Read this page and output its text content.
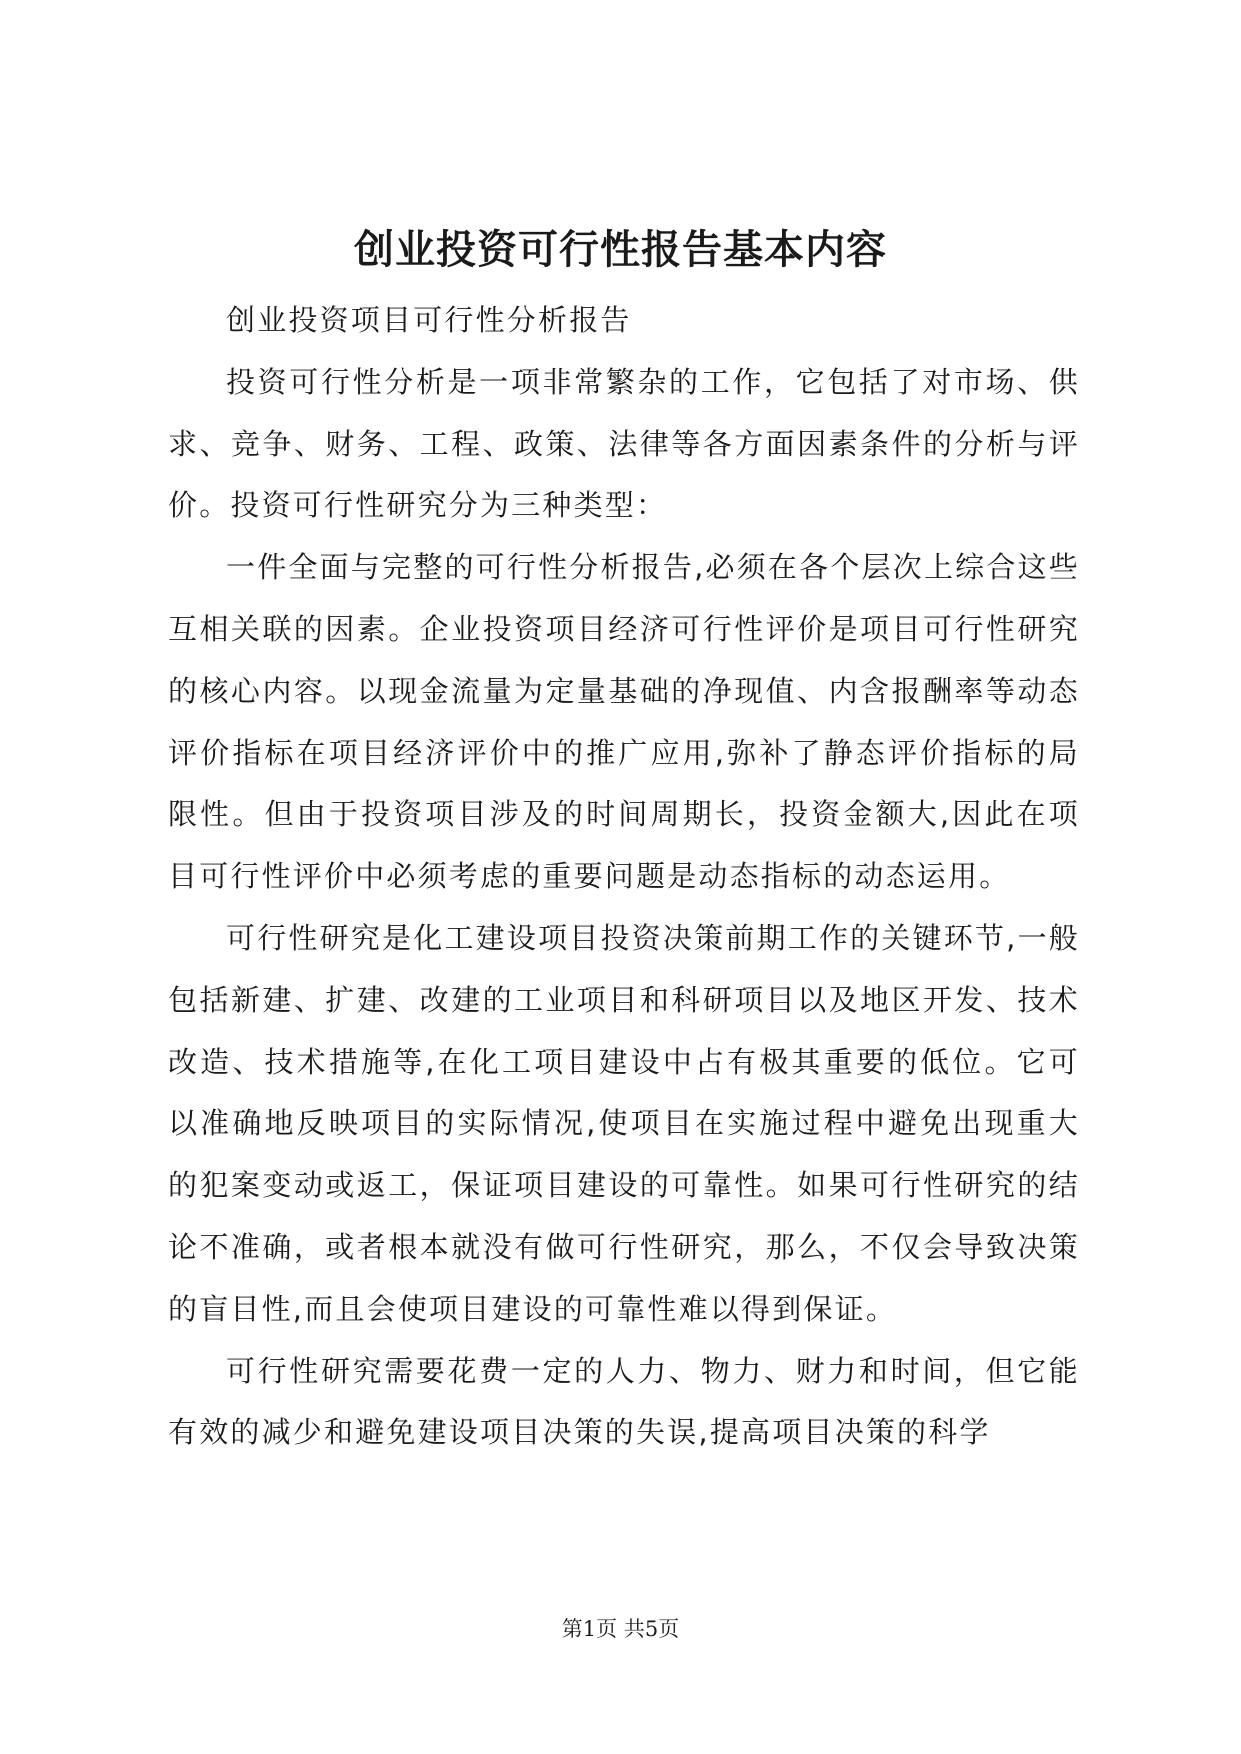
创业投资可行性报告基本内容

创业投资项目可行性分析报告

投资可行性分析是一项非常繁杂的工作，它包括了对市场、供求、竞争、财务、工程、政策、法律等各方面因素条件的分析与评价。投资可行性研究分为三种类型：

一件全面与完整的可行性分析报告,必须在各个层次上综合这些互相关联的因素。企业投资项目经济可行性评价是项目可行性研究的核心内容。以现金流量为定量基础的净现值、内含报酬率等动态评价指标在项目经济评价中的推广应用,弥补了静态评价指标的局限性。但由于投资项目涉及的时间周期长，投资金额大,因此在项目可行性评价中必须考虑的重要问题是动态指标的动态运用。

可行性研究是化工建设项目投资决策前期工作的关键环节,一般包括新建、扩建、改建的工业项目和科研项目以及地区开发、技术改造、技术措施等,在化工项目建设中占有极其重要的低位。它可以准确地反映项目的实际情况,使项目在实施过程中避免出现重大的犯案变动或返工，保证项目建设的可靠性。如果可行性研究的结论不准确，或者根本就没有做可行性研究，那么，不仅会导致决策的盲目性,而且会使项目建设的可靠性难以得到保证。

可行性研究需要花费一定的人力、物力、财力和时间，但它能有效的减少和避免建设项目决策的失误,提高项目决策的科学

第1页 共5页
